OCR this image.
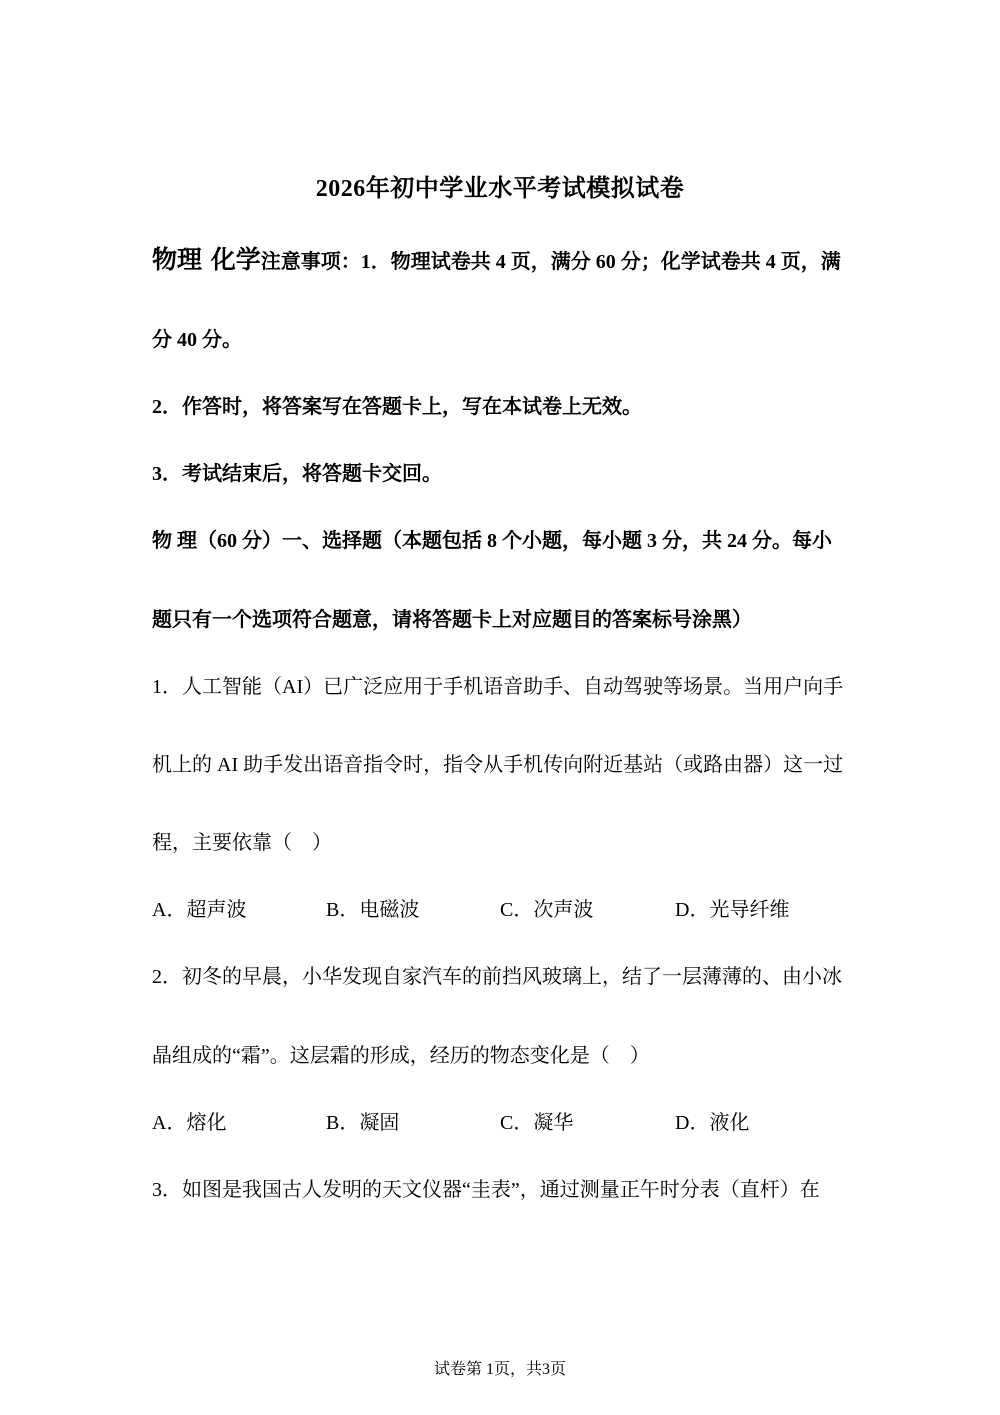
2026年初中学业水平考试模拟试卷
物理 化学注意事项：1．物理试卷共 4 页，满分 60 分；化学试卷共 4 页，满
分 40 分。
2．作答时，将答案写在答题卡上，写在本试卷上无效。
3．考试结束后，将答题卡交回。
物 理（60 分）一、选择题（本题包括 8 个小题，每小题 3 分，共 24 分。每小
题只有一个选项符合题意，请将答题卡上对应题目的答案标号涂黑）
1．人工智能（AI）已广泛应用于手机语音助手、自动驾驶等场景。当用户向手
机上的 AI 助手发出语音指令时，指令从手机传向附近基站（或路由器）这一过
程，主要依靠（　）
A．超声波	B．电磁波	C．次声波	D．光导纤维
2．初冬的早晨，小华发现自家汽车的前挡风玻璃上，结了一层薄薄的、由小冰
晶组成的“霜”。这层霜的形成，经历的物态变化是（　）
A．熔化	B．凝固	C．凝华	D．液化
3．如图是我国古人发明的天文仪器“圭表”，通过测量正午时分表（直杆）在
试卷第 1页，共3页
